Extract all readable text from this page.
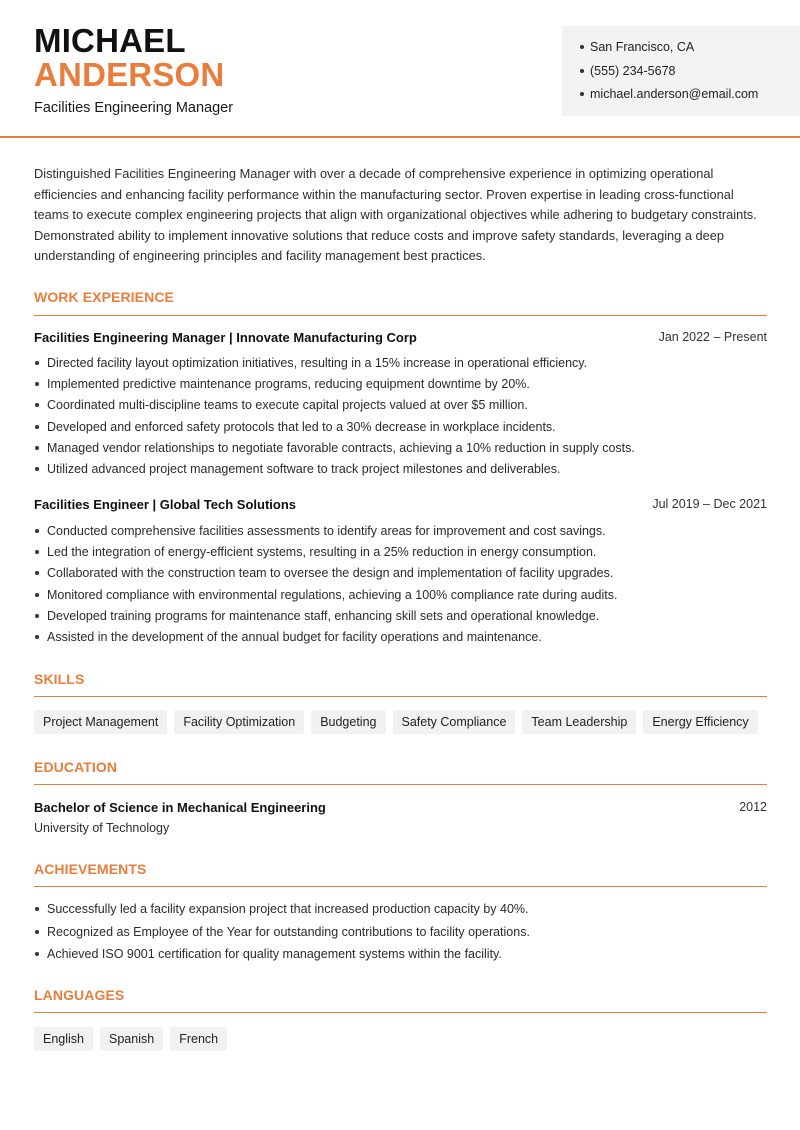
MICHAEL
ANDERSON
Facilities Engineering Manager
San Francisco, CA
(555) 234-5678
michael.anderson@email.com

Distinguished Facilities Engineering Manager with over a decade of comprehensive experience in optimizing operational efficiencies and enhancing facility performance within the manufacturing sector. Proven expertise in leading cross-functional teams to execute complex engineering projects that align with organizational objectives while adhering to budgetary constraints. Demonstrated ability to implement innovative solutions that reduce costs and improve safety standards, leveraging a deep understanding of engineering principles and facility management best practices.

WORK EXPERIENCE
Facilities Engineering Manager | Innovate Manufacturing Corp	Jan 2022 – Present
Directed facility layout optimization initiatives, resulting in a 15% increase in operational efficiency.
Implemented predictive maintenance programs, reducing equipment downtime by 20%.
Coordinated multi-discipline teams to execute capital projects valued at over $5 million.
Developed and enforced safety protocols that led to a 30% decrease in workplace incidents.
Managed vendor relationships to negotiate favorable contracts, achieving a 10% reduction in supply costs.
Utilized advanced project management software to track project milestones and deliverables.
Facilities Engineer | Global Tech Solutions	Jul 2019 – Dec 2021
Conducted comprehensive facilities assessments to identify areas for improvement and cost savings.
Led the integration of energy-efficient systems, resulting in a 25% reduction in energy consumption.
Collaborated with the construction team to oversee the design and implementation of facility upgrades.
Monitored compliance with environmental regulations, achieving a 100% compliance rate during audits.
Developed training programs for maintenance staff, enhancing skill sets and operational knowledge.
Assisted in the development of the annual budget for facility operations and maintenance.
SKILLS
Project Management	Facility Optimization	Budgeting	Safety Compliance	Team Leadership	Energy Efficiency
EDUCATION
Bachelor of Science in Mechanical Engineering	2012
University of Technology
ACHIEVEMENTS
Successfully led a facility expansion project that increased production capacity by 40%.
Recognized as Employee of the Year for outstanding contributions to facility operations.
Achieved ISO 9001 certification for quality management systems within the facility.
LANGUAGES
English	Spanish	French
